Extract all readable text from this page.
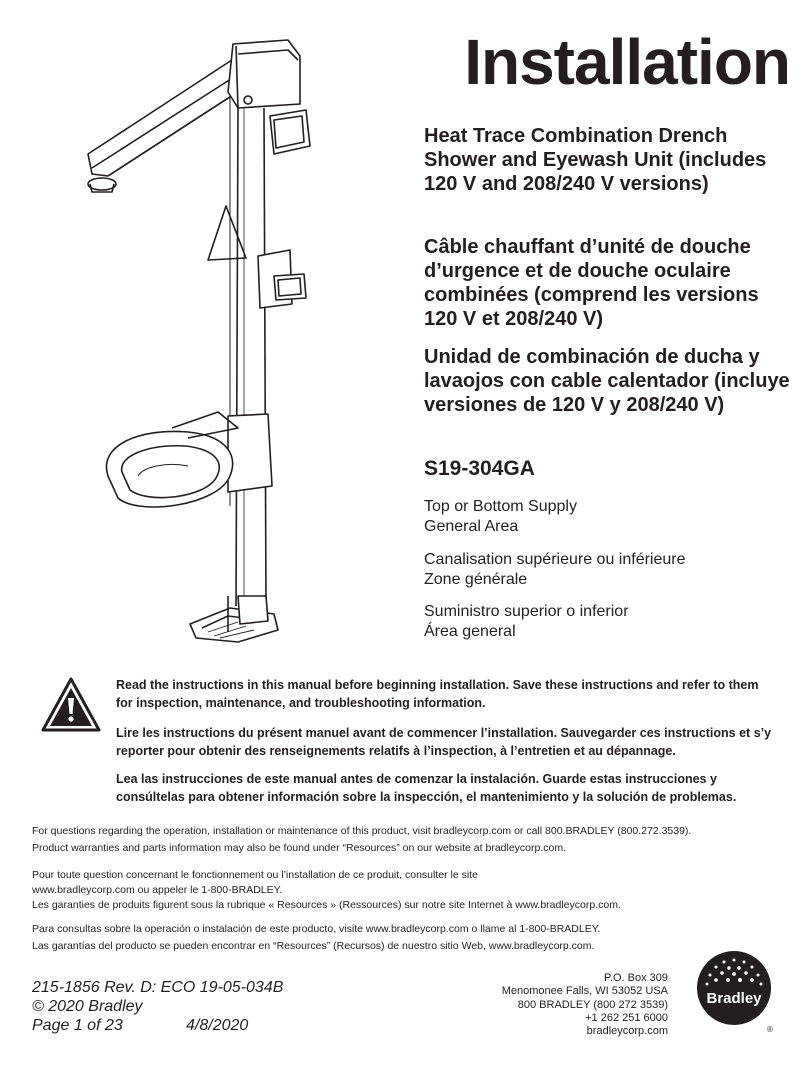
Installation
Heat Trace Combination Drench Shower and Eyewash Unit (includes 120 V and 208/240 V versions)
Câble chauffant d’unité de douche d’urgence et de douche oculaire combinées (comprend les versions 120 V et 208/240 V)
Unidad de combinación de ducha y lavaojos con cable calentador (incluye versiones de 120 V y 208/240 V)
S19-304GA
Top or Bottom Supply
General Area
Canalisation supérieure ou inférieure
Zone générale
Suministro superior o inferior
Área general
Read the instructions in this manual before beginning installation. Save these instructions and refer to them for inspection, maintenance, and troubleshooting information.
Lire les instructions du présent manuel avant de commencer l’installation. Sauvegarder ces instructions et s’y reporter pour obtenir des renseignements relatifs à l’inspection, à l’entretien et au dépannage.
Lea las instrucciones de este manual antes de comenzar la instalación. Guarde estas instrucciones y consúltelas para obtener información sobre la inspección, el mantenimiento y la solución de problemas.
For questions regarding the operation, installation or maintenance of this product, visit bradleycorp.com or call 800.BRADLEY (800.272.3539).
Product warranties and parts information may also be found under “Resources” on our website at bradleycorp.com.
Pour toute question concernant le fonctionnement ou l’installation de ce produit, consulter le site www.bradleycorp.com ou appeler le 1-800-BRADLEY.
Les garanties de produits figurent sous la rubrique « Resources » (Ressources) sur notre site Internet à www.bradleycorp.com.
Para consultas sobre la operación o instalación de este producto, visite www.bradleycorp.com o llame al 1-800-BRADLEY.
Las garantías del producto se pueden encontrar en “Resources” (Recursos) de nuestro sitio Web, www.bradleycorp.com.
215-1856 Rev. D: ECO 19-05-034B
© 2020 Bradley
Page 1 of 23	4/8/2020
P.O. Box 309
Menomonee Falls, WI 53052 USA
800 BRADLEY (800 272 3539)
+1 262 251 6000
bradleycorp.com
Bradley
®
